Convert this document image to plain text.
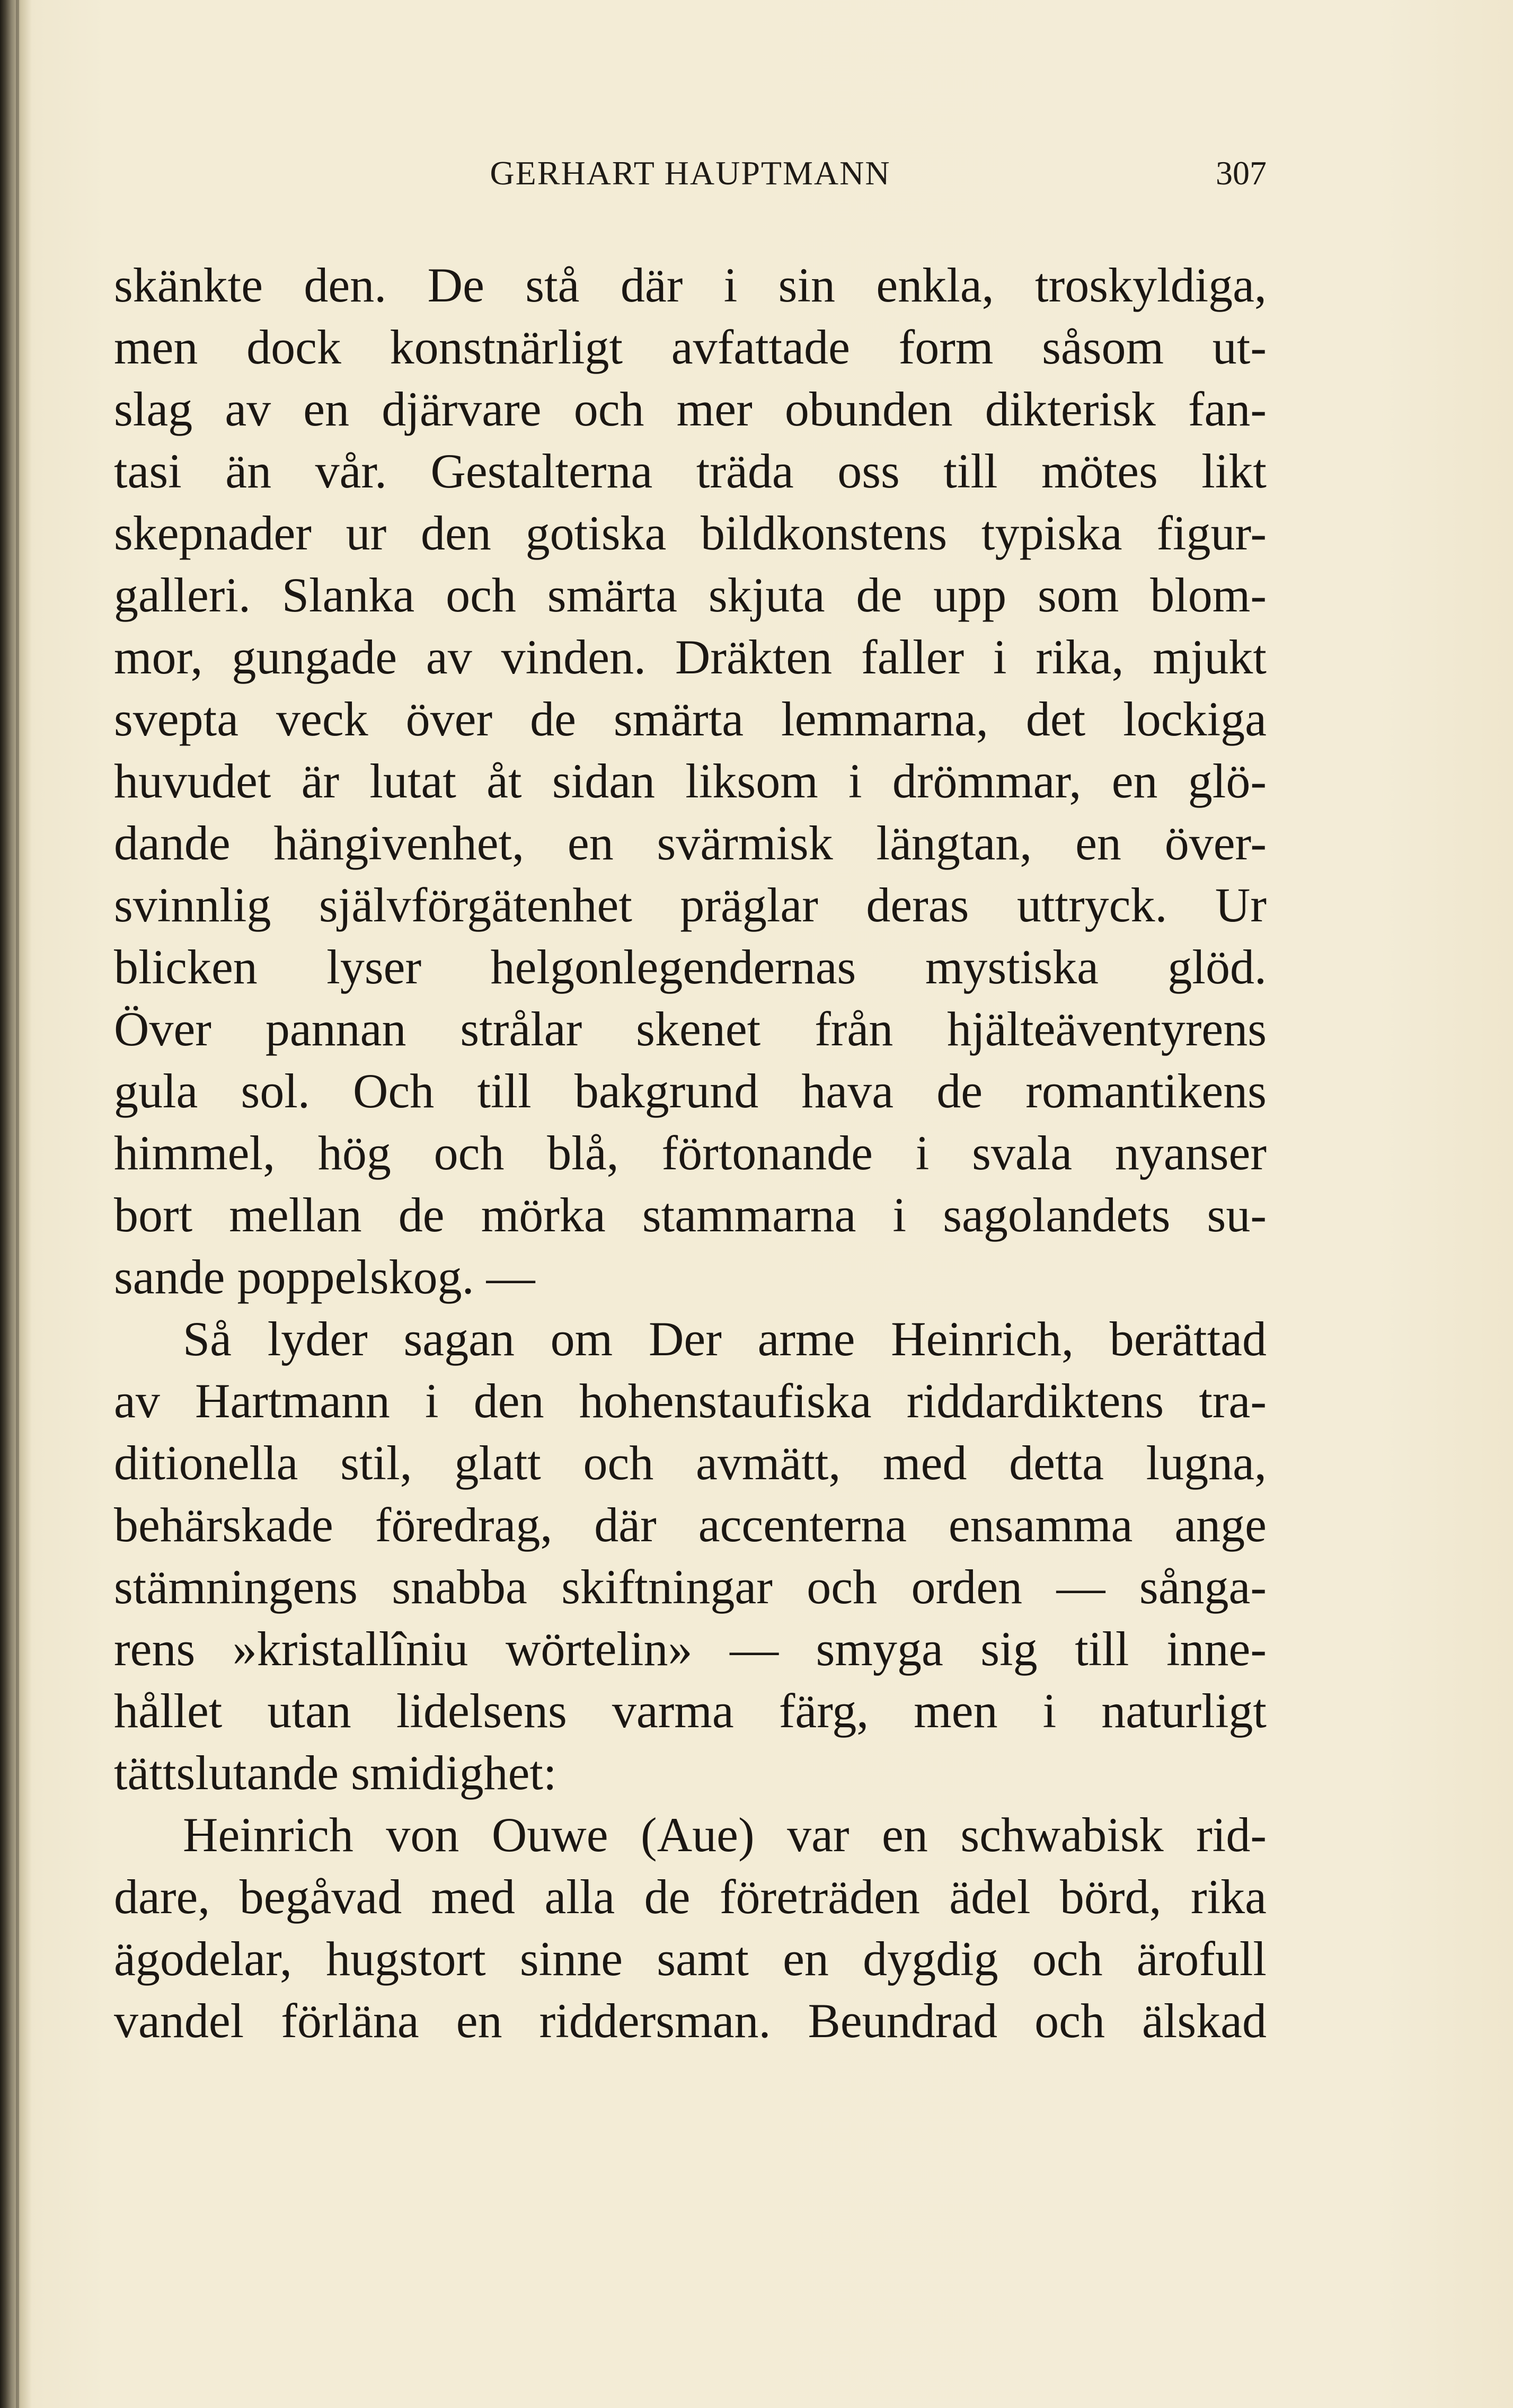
GERHART HAUPTMANN	307
skänkte den. De stå där i sin enkla, troskyldiga,
men dock konstnärligt avfattade form såsom ut-
slag av en djärvare och mer obunden dikterisk fan-
tasi än vår. Gestalterna träda oss till mötes likt
skepnader ur den gotiska bildkonstens typiska figur-
galleri. Slanka och smärta skjuta de upp som blom-
mor, gungade av vinden. Dräkten faller i rika, mjukt
svepta veck över de smärta lemmarna, det lockiga
huvudet är lutat åt sidan liksom i drömmar, en glö-
dande hängivenhet, en svärmisk längtan, en över-
svinnlig självförgätenhet präglar deras uttryck. Ur
blicken lyser helgonlegendernas mystiska glöd.
Över pannan strålar skenet från hjälteäventyrens
gula sol. Och till bakgrund hava de romantikens
himmel, hög och blå, förtonande i svala nyanser
bort mellan de mörka stammarna i sagolandets su-
sande poppelskog. —
Så lyder sagan om Der arme Heinrich, berättad
av Hartmann i den hohenstaufiska riddardiktens tra-
ditionella stil, glatt och avmätt, med detta lugna,
behärskade föredrag, där accenterna ensamma ange
stämningens snabba skiftningar och orden — sånga-
rens »kristallîniu wörtelin» — smyga sig till inne-
hållet utan lidelsens varma färg, men i naturligt
tättslutande smidighet:
Heinrich von Ouwe (Aue) var en schwabisk rid-
dare, begåvad med alla de företräden ädel börd, rika
ägodelar, hugstort sinne samt en dygdig och ärofull
vandel förläna en riddersman. Beundrad och älskad
